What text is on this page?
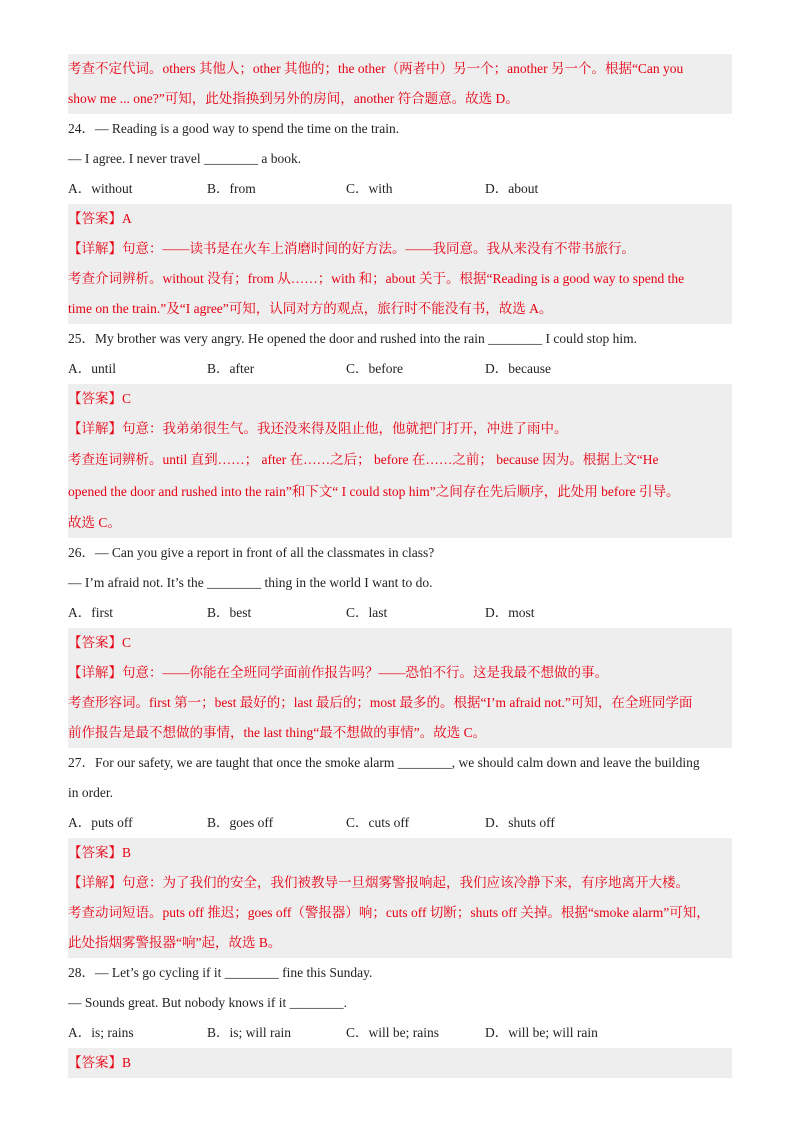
考查不定代词。others 其他人；other 其他的；the other（两者中）另一个；another 另一个。根据“Can you
show me ... one?”可知，此处指换到另外的房间，another 符合题意。故选 D。
24．— Reading is a good way to spend the time on the train.
— I agree. I never travel ________ a book.
A．without	B．from	C．with	D．about
【答案】A
【详解】句意：——读书是在火车上消磨时间的好方法。——我同意。我从来没有不带书旅行。
考查介词辨析。without 没有；from 从……；with 和；about 关于。根据“Reading is a good way to spend the
time on the train.”及“I agree”可知，认同对方的观点，旅行时不能没有书，故选 A。
25．My brother was very angry. He opened the door and rushed into the rain ________ I could stop him.
A．until	B．after	C．before	D．because
【答案】C
【详解】句意：我弟弟很生气。我还没来得及阻止他，他就把门打开，冲进了雨中。
考查连词辨析。until 直到……； after 在……之后； before 在……之前； because 因为。根据上文“He
opened the door and rushed into the rain”和下文“ I could stop him”之间存在先后顺序，此处用 before 引导。
故选 C。
26．— Can you give a report in front of all the classmates in class?
— I’m afraid not. It’s the ________ thing in the world I want to do.
A．first	B．best	C．last	D．most
【答案】C
【详解】句意：——你能在全班同学面前作报告吗？——恐怕不行。这是我最不想做的事。
考查形容词。first 第一；best 最好的；last 最后的；most 最多的。根据“I’m afraid not.”可知，在全班同学面
前作报告是最不想做的事情，the last thing“最不想做的事情”。故选 C。
27．For our safety, we are taught that once the smoke alarm ________, we should calm down and leave the building
in order.
A．puts off	B．goes off	C．cuts off	D．shuts off
【答案】B
【详解】句意：为了我们的安全，我们被教导一旦烟雾警报响起，我们应该冷静下来，有序地离开大楼。
考查动词短语。puts off 推迟；goes off（警报器）响；cuts off 切断；shuts off 关掉。根据“smoke alarm”可知，
此处指烟雾警报器“响”起，故选 B。
28．— Let’s go cycling if it ________ fine this Sunday.
— Sounds great. But nobody knows if it ________.
A．is; rains	B．is; will rain	C．will be; rains	D．will be; will rain
【答案】B
